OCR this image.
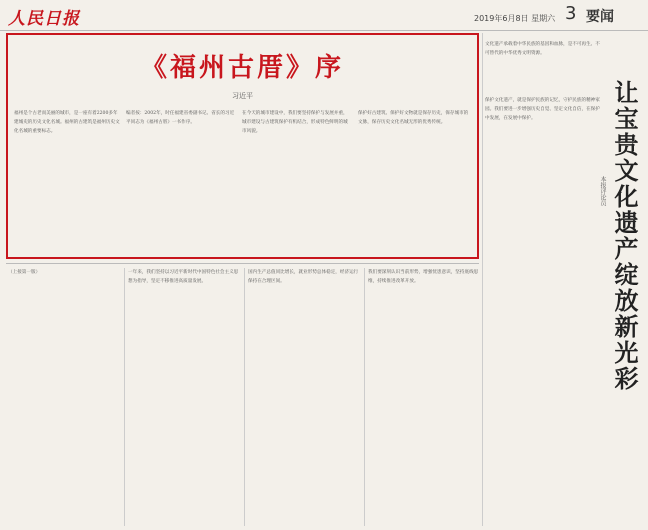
人民日报	2019年6月8日 星期六 3 要闻
《福州古厝》序
习近平
福州是个古老而美丽的城市，是一座有着2200多年建城史的历史文化名城。福州的古建筑是福州历史文化名城的重要标志。
编者按：2002年，时任福建省委副书记、省长的习近平同志为《福州古厝》一书作序。
在今天的城市建设中，我们要坚持保护与发展并重，城市建设与古建筑保护有机结合，形成特色鲜明的城市风貌。
保护好古建筑、保护好文物就是保存历史，保存城市的文脉，保存历史文化名城无形的优秀传统。
（上接第一版）	一年来，我们坚持以习近平新时代中国特色社会主义思想为指导，坚定不移推进高质量发展。
国内生产总值同比增长，就业形势总体稳定，经济运行保持在合理区间。
我们要深刻认识当前形势，增强忧患意识，坚持底线思维，持续推进改革开放。
文化遗产承载着中华民族的基因和血脉，是不可再生、不可替代的中华优秀文明资源。
保护文化遗产，就是保护民族的记忆，守护民族的精神家园。我们要进一步增强历史自觉、坚定文化自信，在保护中发展，在发展中保护。	让宝贵文化遗产绽放新光彩
本报评论员
